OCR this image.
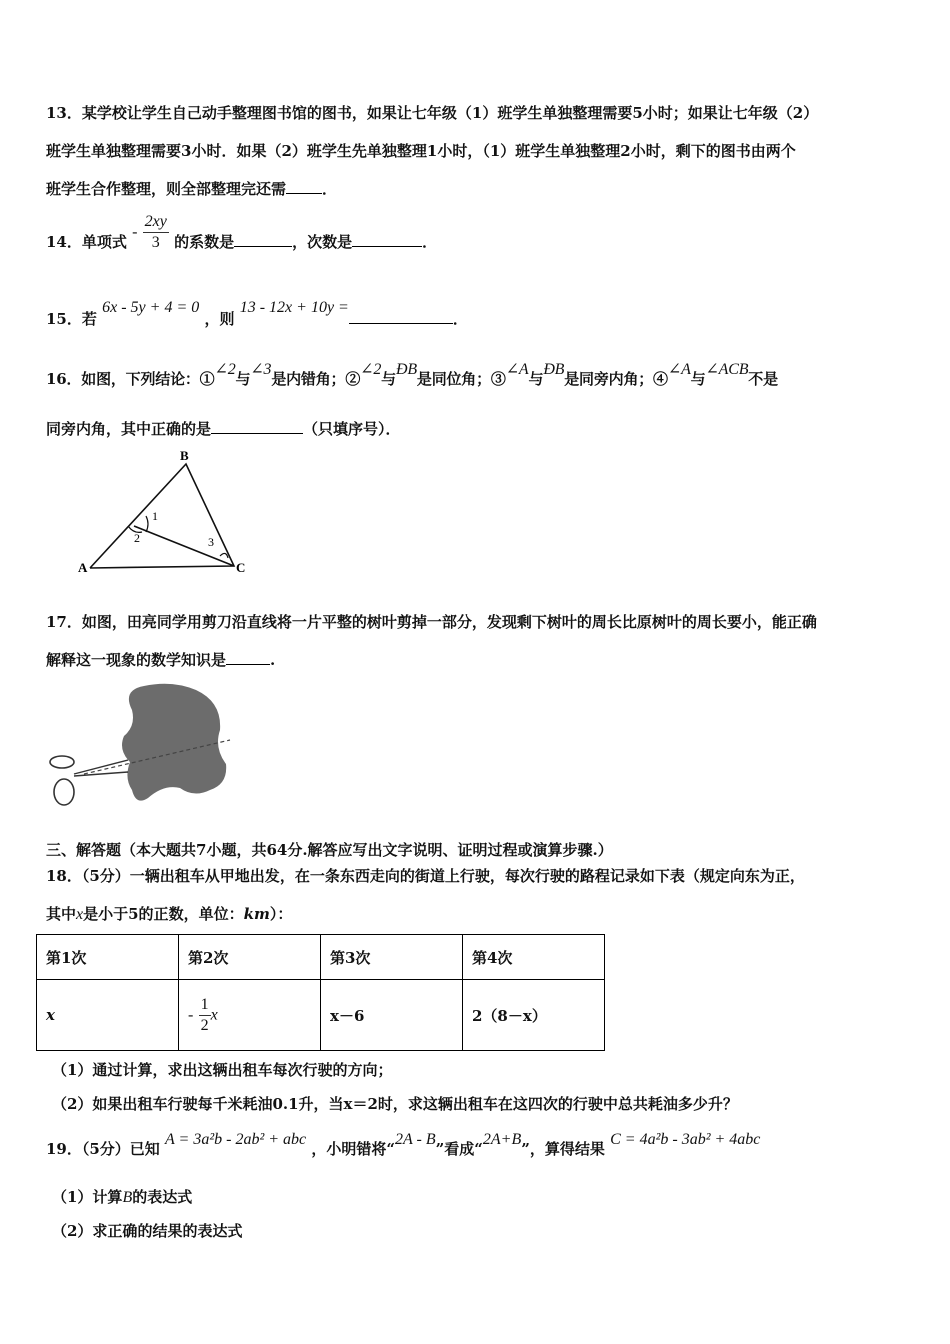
13．某学校让学生自己动手整理图书馆的图书，如果让七年级（1）班学生单独整理需要5小时；如果让七年级（2）
班学生单独整理需要3小时．如果（2）班学生先单独整理1小时，（1）班学生单独整理2小时，剩下的图书由两个
班学生合作整理，则全部整理完还需 ．
14．单项式 - $\frac{2xy}{3}$ 的系数是	，次数是	．
15．若 6x - 5y + 4 = 0 ，则 13 - 12x + 10y =．
16．如图，下列结论：①∠2与∠3是内错角；②∠2与ÐB是同位角；③∠A与ÐB是同旁内角；④∠A与∠ACB不是
同旁内角，其中正确的是	（只填序号）．
B
A	C
1
2	3
17．如图，田亮同学用剪刀沿直线将一片平整的树叶剪掉一部分，发现剩下树叶的周长比原树叶的周长要小，能正确
解释这一现象的数学知识是	.
三、解答题（本大题共7小题，共64分.解答应写出文字说明、证明过程或演算步骤.）
18．（5分）一辆出租车从甲地出发，在一条东西走向的街道上行驶，每次行驶的路程记录如下表（规定向东为正，
其中x是小于5的正数，单位：km）：
第1次	第2次	第3次	第4次
x	- $\frac{1}{2}$ x	x－6	2（8－x）
（1）通过计算，求出这辆出租车每次行驶的方向；
（2）如果出租车行驶每千米耗油0.1升，当x＝2时，求这辆出租车在这四次的行驶中总共耗油多少升？
19．（5分）已知 A = 3a²b - 2ab² + abc ，小明错将“2A - B”看成“2A+B”，算得结果 C = 4a²b - 3ab² + 4abc
（1）计算B的表达式
（2）求正确的结果的表达式
